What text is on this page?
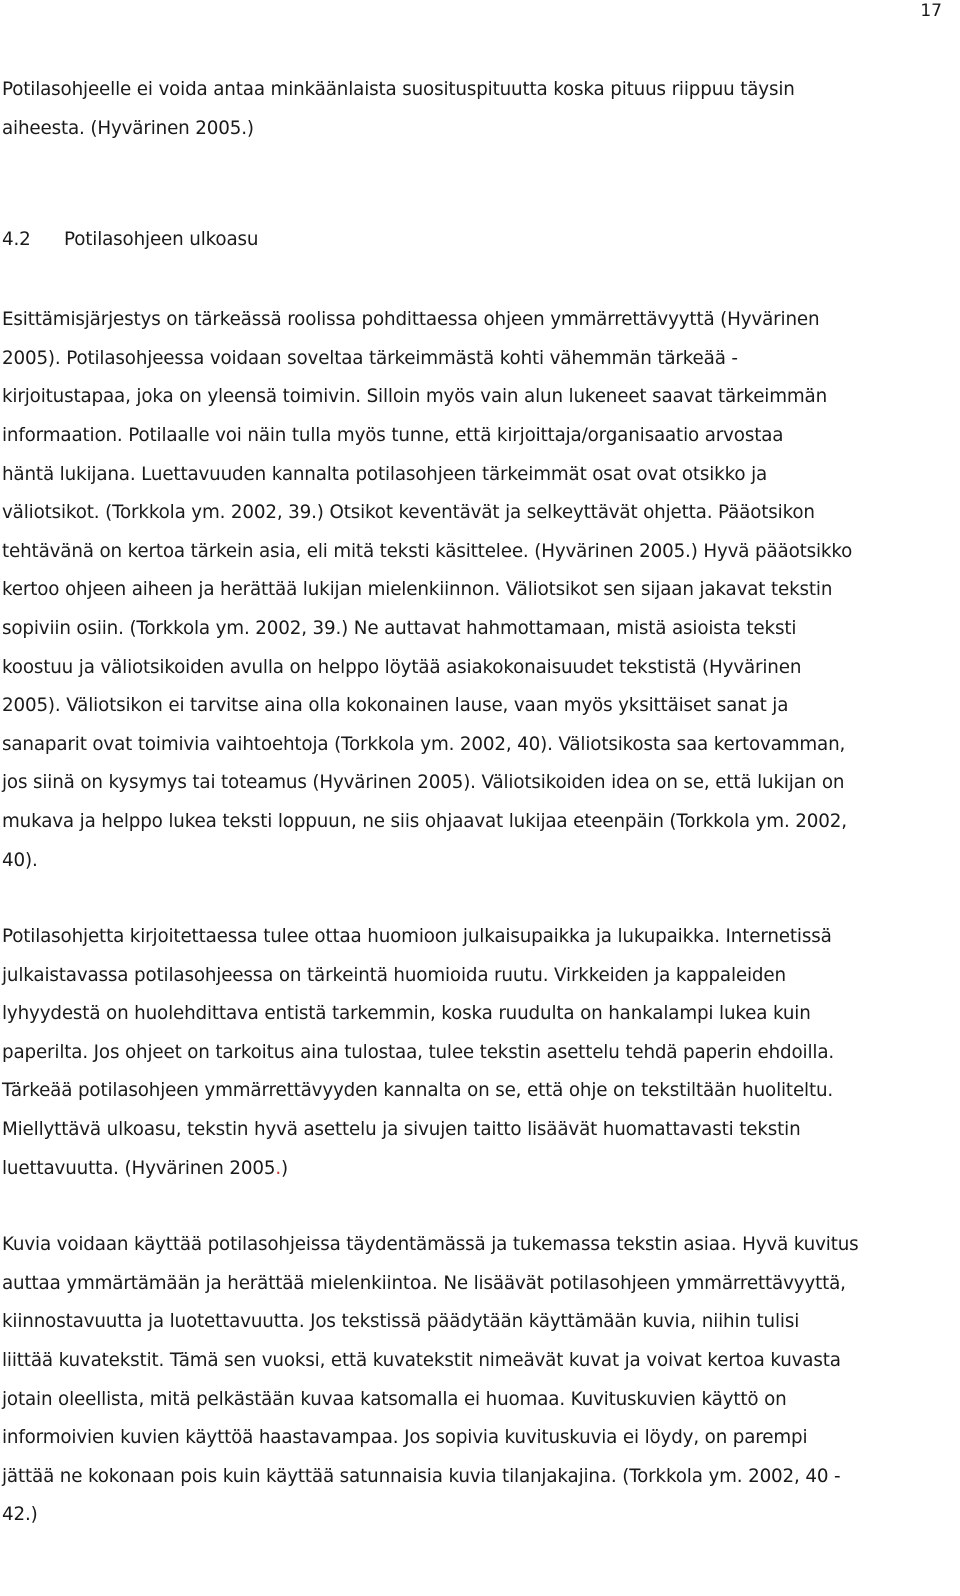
17

Potilasohjeelle ei voida antaa minkäänlaista suosituspituutta koska pituus riippuu täysin
aiheesta. (Hyvärinen 2005.)

4.2 Potilasohjeen ulkoasu

Esittämisjärjestys on tärkeässä roolissa pohdittaessa ohjeen ymmärrettävyyttä (Hyvärinen
2005). Potilasohjeessa voidaan soveltaa tärkeimmästä kohti vähemmän tärkeää -
kirjoitustapaa, joka on yleensä toimivin. Silloin myös vain alun lukeneet saavat tärkeimmän
informaation. Potilaalle voi näin tulla myös tunne, että kirjoittaja/organisaatio arvostaa
häntä lukijana. Luettavuuden kannalta potilasohjeen tärkeimmät osat ovat otsikko ja
väliotsikot. (Torkkola ym. 2002, 39.) Otsikot keventävät ja selkeyttävät ohjetta. Pääotsikon
tehtävänä on kertoa tärkein asia, eli mitä teksti käsittelee. (Hyvärinen 2005.) Hyvä pääotsikko
kertoo ohjeen aiheen ja herättää lukijan mielenkiinnon. Väliotsikot sen sijaan jakavat tekstin
sopiviin osiin. (Torkkola ym. 2002, 39.) Ne auttavat hahmottamaan, mistä asioista teksti
koostuu ja väliotsikoiden avulla on helppo löytää asiakokonaisuudet tekstistä (Hyvärinen
2005). Väliotsikon ei tarvitse aina olla kokonainen lause, vaan myös yksittäiset sanat ja
sanaparit ovat toimivia vaihtoehtoja (Torkkola ym. 2002, 40). Väliotsikosta saa kertovamman,
jos siinä on kysymys tai toteamus (Hyvärinen 2005). Väliotsikoiden idea on se, että lukijan on
mukava ja helppo lukea teksti loppuun, ne siis ohjaavat lukijaa eteenpäin (Torkkola ym. 2002,
40).

Potilasohjetta kirjoitettaessa tulee ottaa huomioon julkaisupaikka ja lukupaikka. Internetissä
julkaistavassa potilasohjeessa on tärkeintä huomioida ruutu. Virkkeiden ja kappaleiden
lyhyydestä on huolehdittava entistä tarkemmin, koska ruudulta on hankalampi lukea kuin
paperilta. Jos ohjeet on tarkoitus aina tulostaa, tulee tekstin asettelu tehdä paperin ehdoilla.
Tärkeää potilasohjeen ymmärrettävyyden kannalta on se, että ohje on tekstiltään huoliteltu.
Miellyttävä ulkoasu, tekstin hyvä asettelu ja sivujen taitto lisäävät huomattavasti tekstin
luettavuutta. (Hyvärinen 2005.)

Kuvia voidaan käyttää potilasohjeissa täydentämässä ja tukemassa tekstin asiaa. Hyvä kuvitus
auttaa ymmärtämään ja herättää mielenkiintoa. Ne lisäävät potilasohjeen ymmärrettävyyttä,
kiinnostavuutta ja luotettavuutta. Jos tekstissä päädytään käyttämään kuvia, niihin tulisi
liittää kuvatekstit. Tämä sen vuoksi, että kuvatekstit nimeävät kuvat ja voivat kertoa kuvasta
jotain oleellista, mitä pelkästään kuvaa katsomalla ei huomaa. Kuvituskuvien käyttö on
informoivien kuvien käyttöä haastavampaa. Jos sopivia kuvituskuvia ei löydy, on parempi
jättää ne kokonaan pois kuin käyttää satunnaisia kuvia tilanjakajina. (Torkkola ym. 2002, 40 -
42.)
